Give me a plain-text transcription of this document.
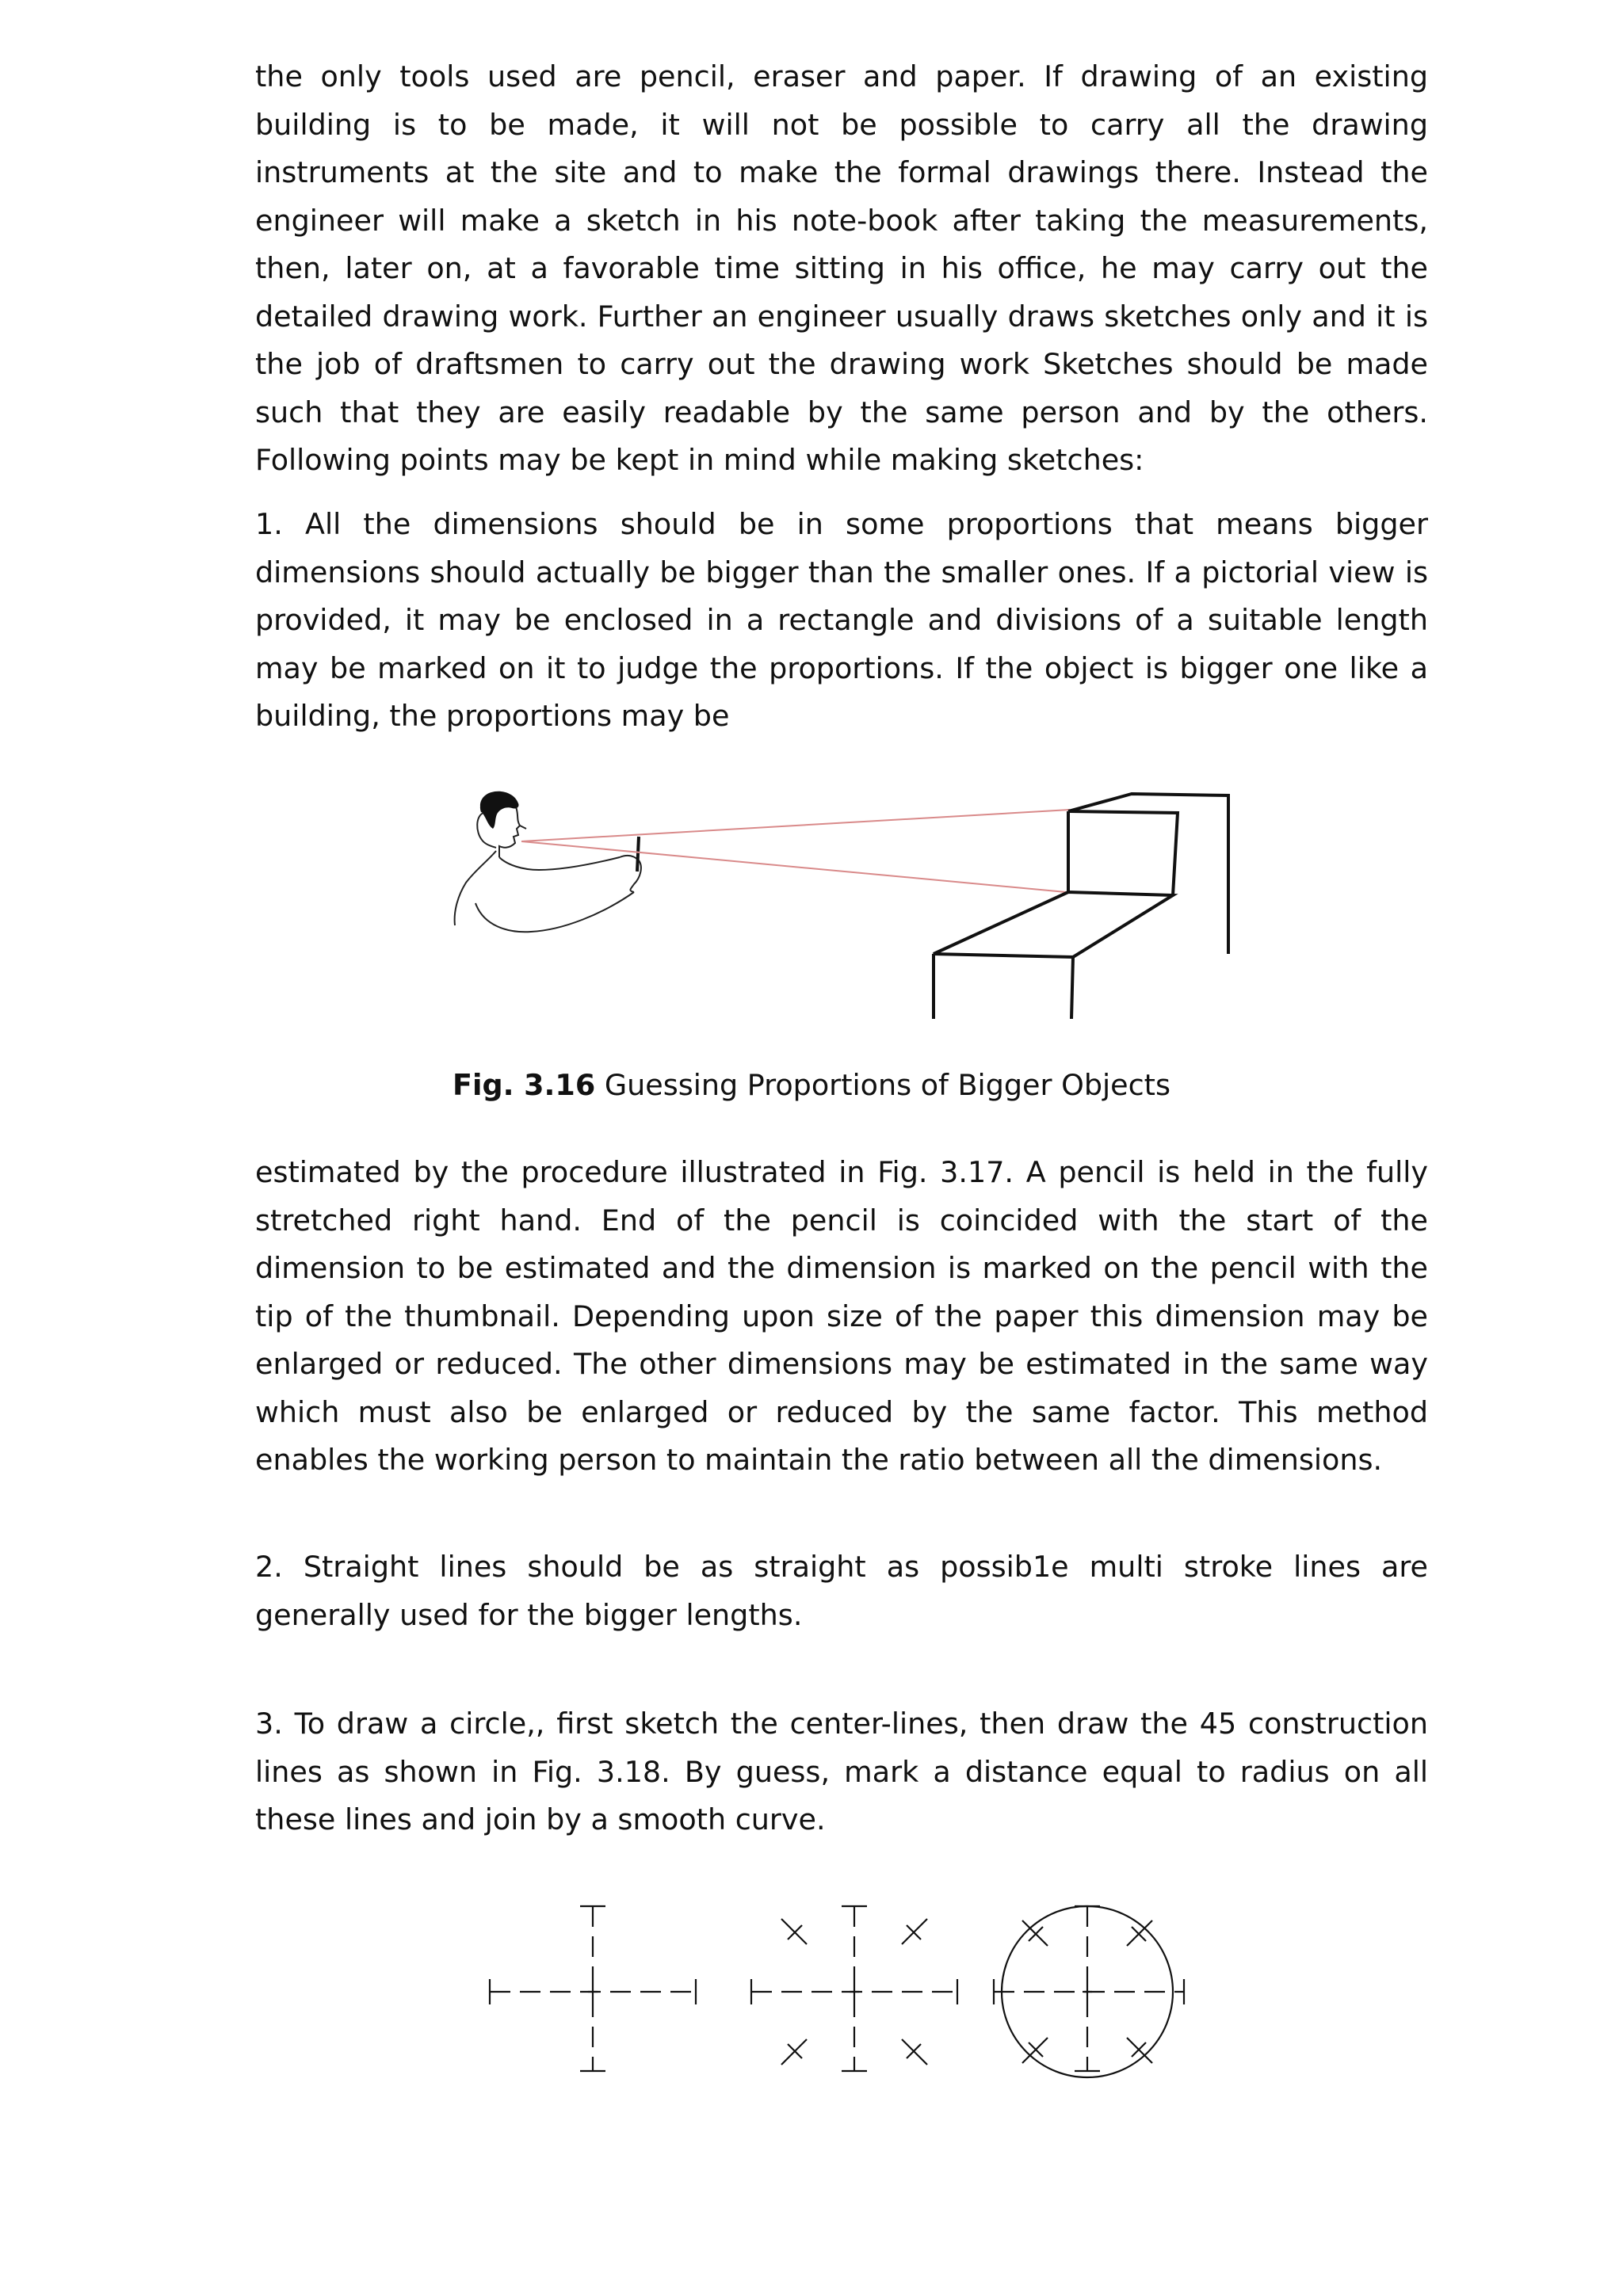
the only tools used are pencil, eraser and paper. If drawing of an existing building is to be made, it will not be possible to carry all the drawing instruments at the site and to make the formal drawings there. Instead the engineer will make a sketch in his note-book after taking the measurements, then, later on, at a favorable time sitting in his office, he may carry out the detailed drawing work. Further an engineer usually draws sketches only and it is the job of draftsmen to carry out the drawing work Sketches should be made such that they are easily readable by the same person and by the others. Following points may be kept in mind while making sketches:

1. All the dimensions should be in some proportions that means bigger dimensions should actually be bigger than the smaller ones. If a pictorial view is provided, it may be enclosed in a rectangle and divisions of a suitable length may be marked on it to judge the proportions. If the object is bigger one like a building, the proportions may be

Fig. 3.16 Guessing Proportions of Bigger Objects

estimated by the procedure illustrated in Fig. 3.17. A pencil is held in the fully stretched right hand. End of the pencil is coincided with the start of the dimension to be estimated and the dimension is marked on the pencil with the tip of the thumbnail. Depending upon size of the paper this dimension may be enlarged or reduced. The other dimensions may be estimated in the same way which must also be enlarged or reduced by the same factor. This method enables the working person to maintain the ratio between all the dimensions.

2. Straight lines should be as straight as possib1e multi stroke lines are generally used for the bigger lengths.

3. To draw a circle,, first sketch the center-lines, then draw the 45 construction lines as shown in Fig. 3.18. By guess, mark a distance equal to radius on all these lines and join by a smooth curve.
